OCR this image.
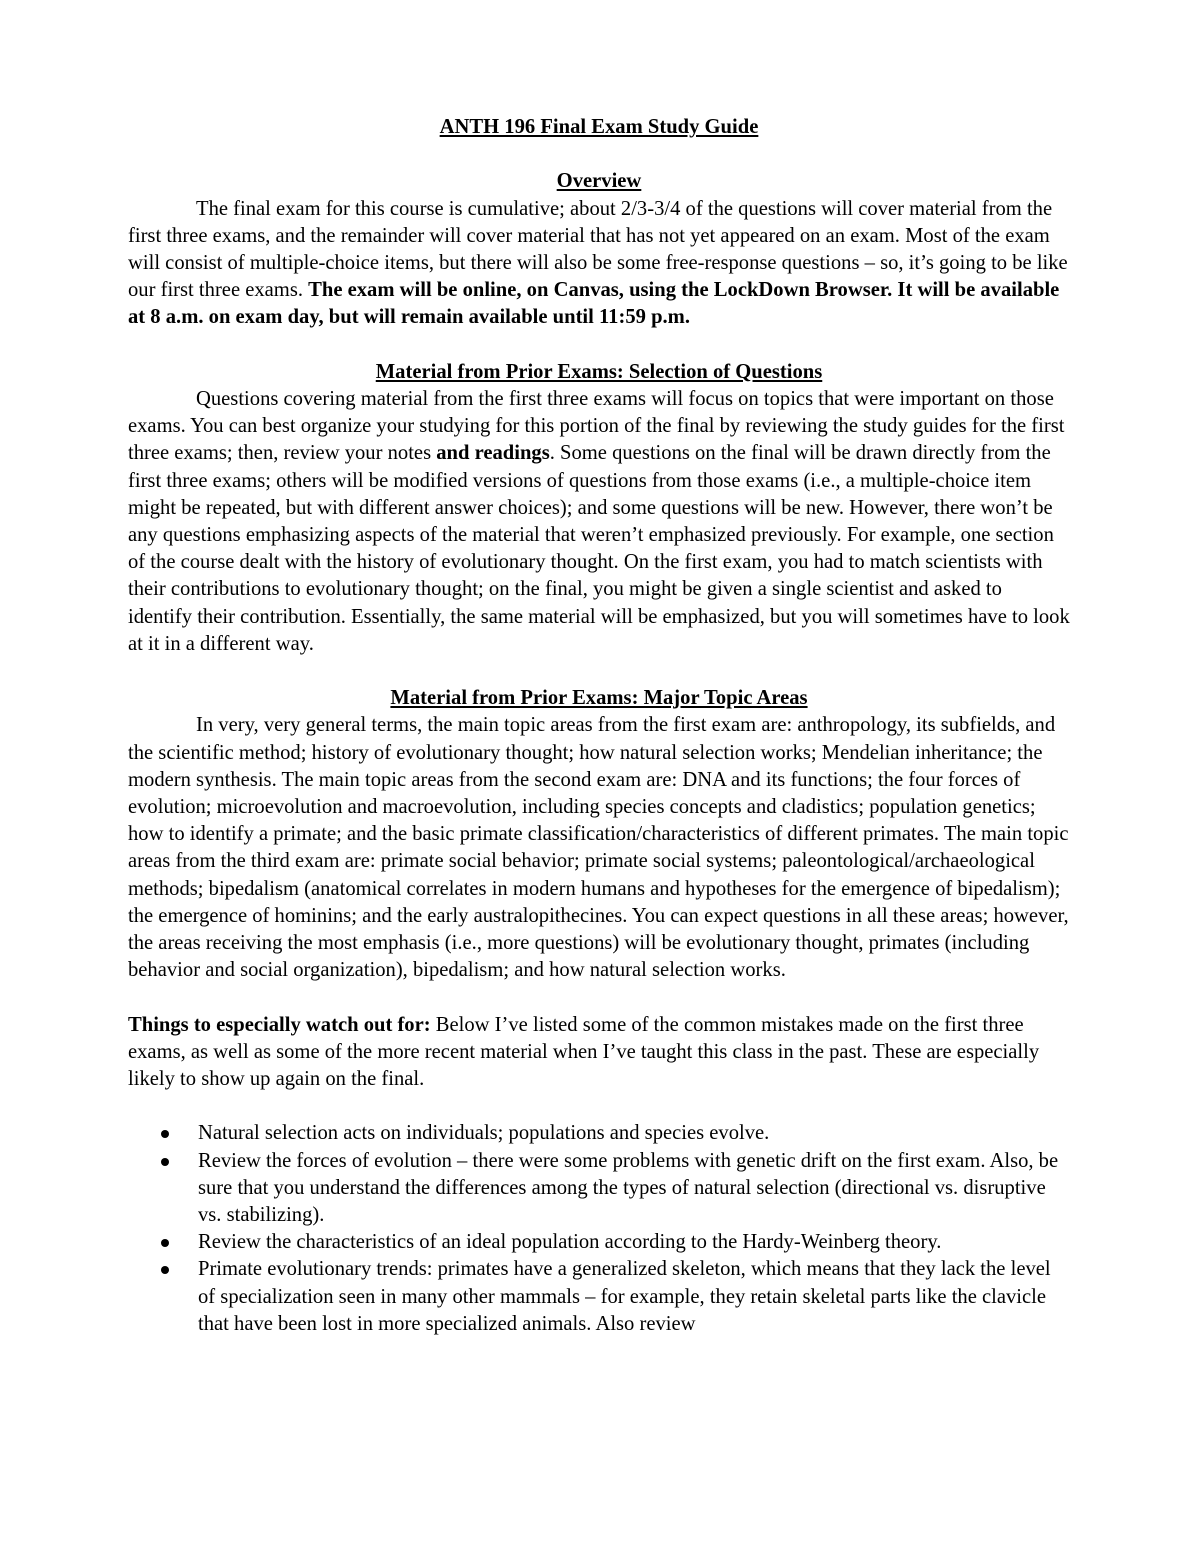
ANTH 196 Final Exam Study Guide

Overview

The final exam for this course is cumulative; about 2/3-3/4 of the questions will cover material from the first three exams, and the remainder will cover material that has not yet appeared on an exam. Most of the exam will consist of multiple-choice items, but there will also be some free-response questions – so, it’s going to be like our first three exams. The exam will be online, on Canvas, using the LockDown Browser. It will be available at 8 a.m. on exam day, but will remain available until 11:59 p.m.

Material from Prior Exams: Selection of Questions

Questions covering material from the first three exams will focus on topics that were important on those exams. You can best organize your studying for this portion of the final by reviewing the study guides for the first three exams; then, review your notes and readings. Some questions on the final will be drawn directly from the first three exams; others will be modified versions of questions from those exams (i.e., a multiple-choice item might be repeated, but with different answer choices); and some questions will be new. However, there won’t be any questions emphasizing aspects of the material that weren’t emphasized previously. For example, one section of the course dealt with the history of evolutionary thought. On the first exam, you had to match scientists with their contributions to evolutionary thought; on the final, you might be given a single scientist and asked to identify their contribution. Essentially, the same material will be emphasized, but you will sometimes have to look at it in a different way.

Material from Prior Exams: Major Topic Areas

In very, very general terms, the main topic areas from the first exam are: anthropology, its subfields, and the scientific method; history of evolutionary thought; how natural selection works; Mendelian inheritance; the modern synthesis. The main topic areas from the second exam are: DNA and its functions; the four forces of evolution; microevolution and macroevolution, including species concepts and cladistics; population genetics; how to identify a primate; and the basic primate classification/characteristics of different primates. The main topic areas from the third exam are: primate social behavior; primate social systems; paleontological/archaeological methods; bipedalism (anatomical correlates in modern humans and hypotheses for the emergence of bipedalism); the emergence of hominins; and the early australopithecines. You can expect questions in all these areas; however, the areas receiving the most emphasis (i.e., more questions) will be evolutionary thought, primates (including behavior and social organization), bipedalism; and how natural selection works.

Things to especially watch out for: Below I’ve listed some of the common mistakes made on the first three exams, as well as some of the more recent material when I’ve taught this class in the past. These are especially likely to show up again on the final.

Natural selection acts on individuals; populations and species evolve.
Review the forces of evolution – there were some problems with genetic drift on the first exam. Also, be sure that you understand the differences among the types of natural selection (directional vs. disruptive vs. stabilizing).
Review the characteristics of an ideal population according to the Hardy-Weinberg theory.
Primate evolutionary trends: primates have a generalized skeleton, which means that they lack the level of specialization seen in many other mammals – for example, they retain skeletal parts like the clavicle that have been lost in more specialized animals. Also review
